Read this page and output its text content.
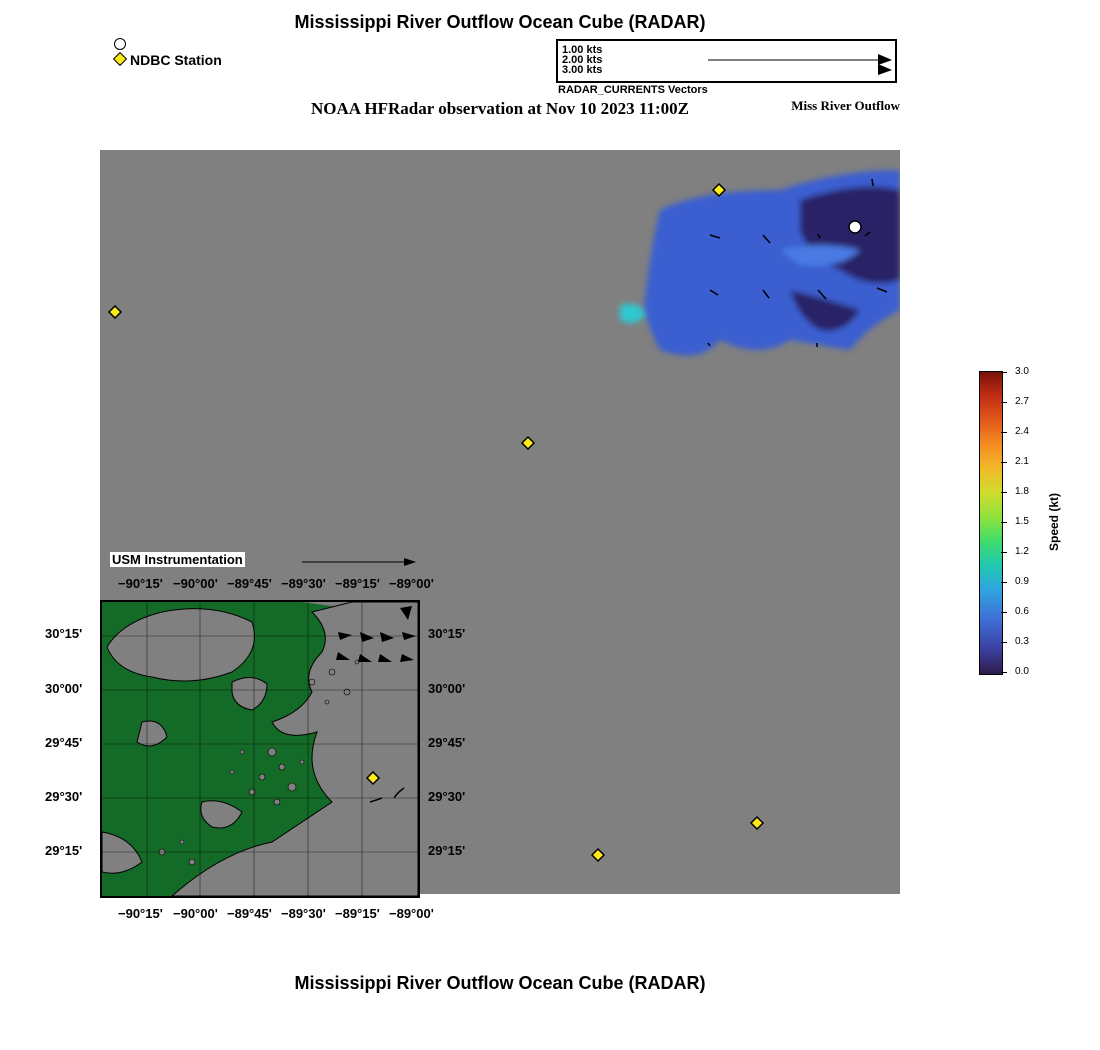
Mississippi River Outflow Ocean Cube (RADAR)
NOAA HFRadar observation at Nov 10 2023 11:00Z	Miss River Outflow
NDBC Station
1.00 kts
2.00 kts
3.00 kts
RADAR_CURRENTS Vectors
USM Instrumentation
−90°15' −90°00' −89°45' −89°30' −89°15' −89°00'
−90°15' −90°00' −89°45' −89°30' −89°15' −89°00'
30°15'
30°00'
29°45'
29°30'
29°15'
30°15'
30°00'
29°45'
29°30'
29°15'
3.0
2.7
2.4
2.1
1.8
1.5
1.2
0.9
0.6
0.3
0.0
Speed (kt)
Mississippi River Outflow Ocean Cube (RADAR)
